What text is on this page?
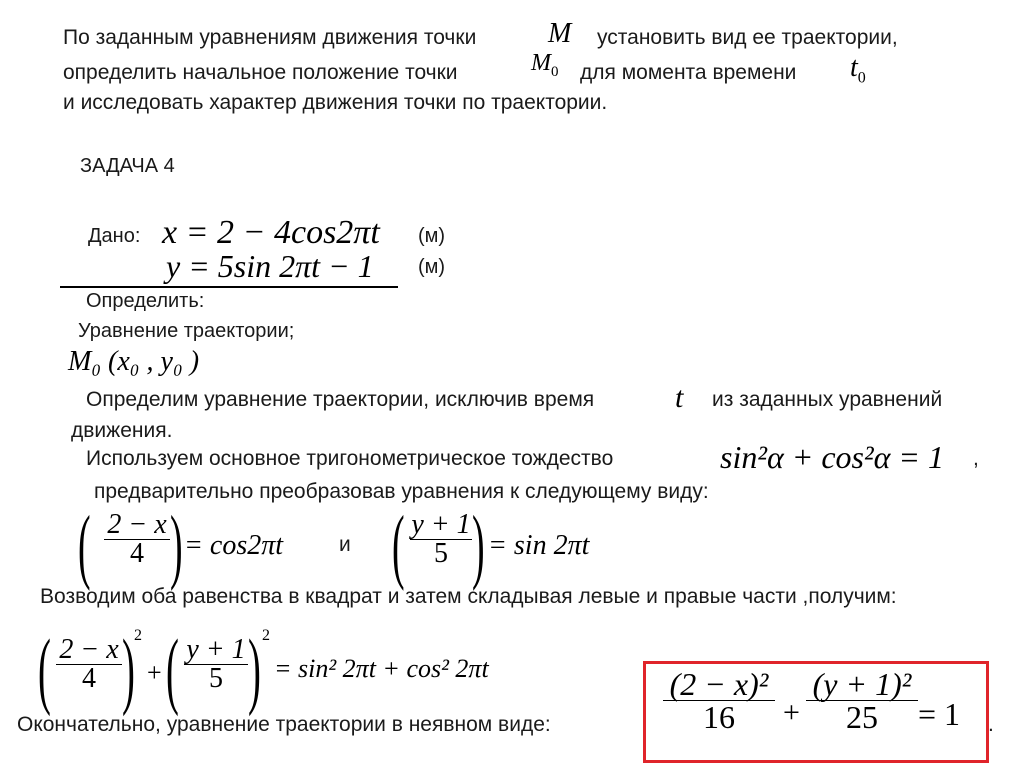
По заданным уравнениям движения точки	M установить вид ее траектории,
определить начальное положение точки	$M_0$ для момента времени $t_0$
и исследовать характер движения точки по траектории.
ЗАДАЧА 4
Дано: x = 2 − 4cos2πt (м)
y = 5sin 2πt − 1 (м)
Определить:
Уравнение траектории;
M₀ (x₀ , y₀ )
Определим уравнение траектории, исключив время	t из заданных уравнений
движения.
Используем основное тригонометрическое тождество	sin²α + cos²α = 1 ,
предварительно преобразовав уравнения к следующему виду:
( 2 − x
4 ) = cos2πt	и ( y + 1
5 ) = sin 2πt
Возводим оба равенства в квадрат и затем складывая левые и правые части ,получим:
( 2 − x
4 ) 2
+ ( y + 1
5 ) 2
= sin² 2πt + cos² 2πt
Окончательно, уравнение траектории в неявном виде:
(2 − x)²
16 +
(y + 1)²
25 = 1 .
